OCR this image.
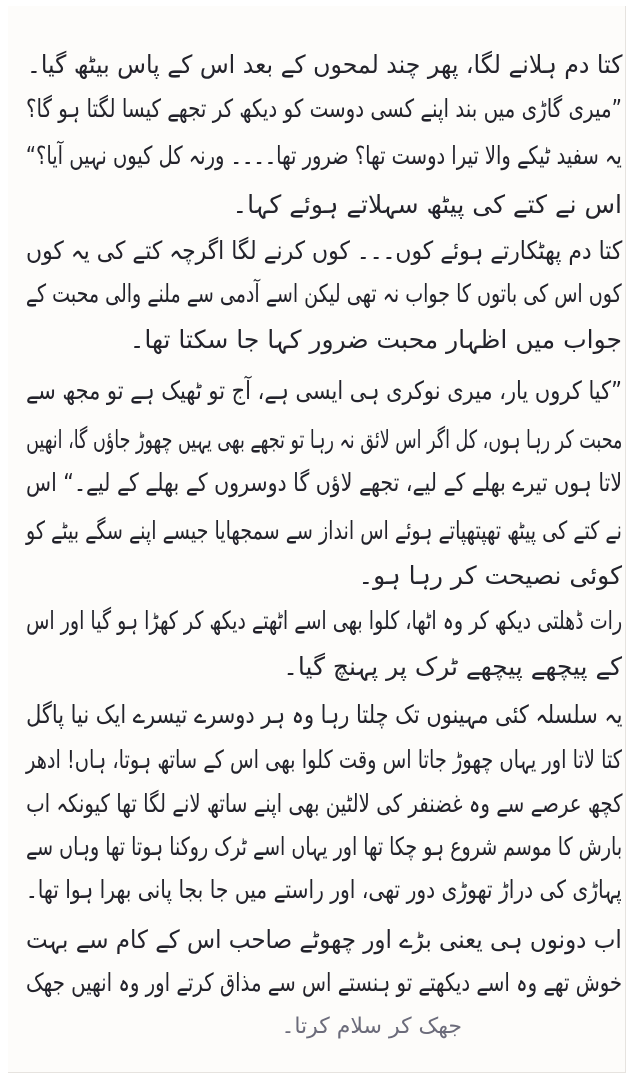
کتا دم ہلانے لگا، پھر چند لمحوں کے بعد اس کے پاس بیٹھ گیا۔
”میری گاڑی میں بند اپنے کسی دوست کو دیکھ کر تجھے کیسا لگتا ہو گا؟
یہ سفید ٹیکے والا تیرا دوست تھا؟ ضرور تھا۔۔۔۔ ورنہ کل کیوں نہیں آیا؟“
اس نے کتے کی پیٹھ سہلاتے ہوئے کہا۔
کتا دم پھٹکارتے ہوئے کوں۔۔۔ کوں کرنے لگا اگرچہ کتے کی یہ کوں
کوں اس کی باتوں کا جواب نہ تھی لیکن اسے آدمی سے ملنے والی محبت کے
جواب میں اظہار محبت ضرور کہا جا سکتا تھا۔
”کیا کروں یار، میری نوکری ہی ایسی ہے، آج تو ٹھیک ہے تو مجھ سے
محبت کر رہا ہوں، کل اگر اس لائق نہ رہا تو تجھے بھی یہیں چھوڑ جاؤں گا، انھیں
لاتا ہوں تیرے بھلے کے لیے، تجھے لاؤں گا دوسروں کے بھلے کے لیے۔“ اس
نے کتے کی پیٹھ تھپتھپاتے ہوئے اس انداز سے سمجھایا جیسے اپنے سگے بیٹے کو
کوئی نصیحت کر رہا ہو۔
رات ڈھلتی دیکھ کر وہ اٹھا، کلوا بھی اسے اٹھتے دیکھ کر کھڑا ہو گیا اور اس
کے پیچھے پیچھے ٹرک پر پہنچ گیا۔
یہ سلسلہ کئی مہینوں تک چلتا رہا وہ ہر دوسرے تیسرے ایک نیا پاگل
کتا لاتا اور یہاں چھوڑ جاتا اس وقت کلوا بھی اس کے ساتھ ہوتا، ہاں! ادھر
کچھ عرصے سے وہ غضنفر کی لالٹین بھی اپنے ساتھ لانے لگا تھا کیونکہ اب
بارش کا موسم شروع ہو چکا تھا اور یہاں اسے ٹرک روکنا ہوتا تھا وہاں سے
پہاڑی کی دراڑ تھوڑی دور تھی، اور راستے میں جا بجا پانی بھرا ہوا تھا۔
اب دونوں ہی یعنی بڑے اور چھوٹے صاحب اس کے کام سے بہت
خوش تھے وہ اسے دیکھتے تو ہنستے اس سے مذاق کرتے اور وہ انھیں جھک
جھک کر سلام کرتا۔
